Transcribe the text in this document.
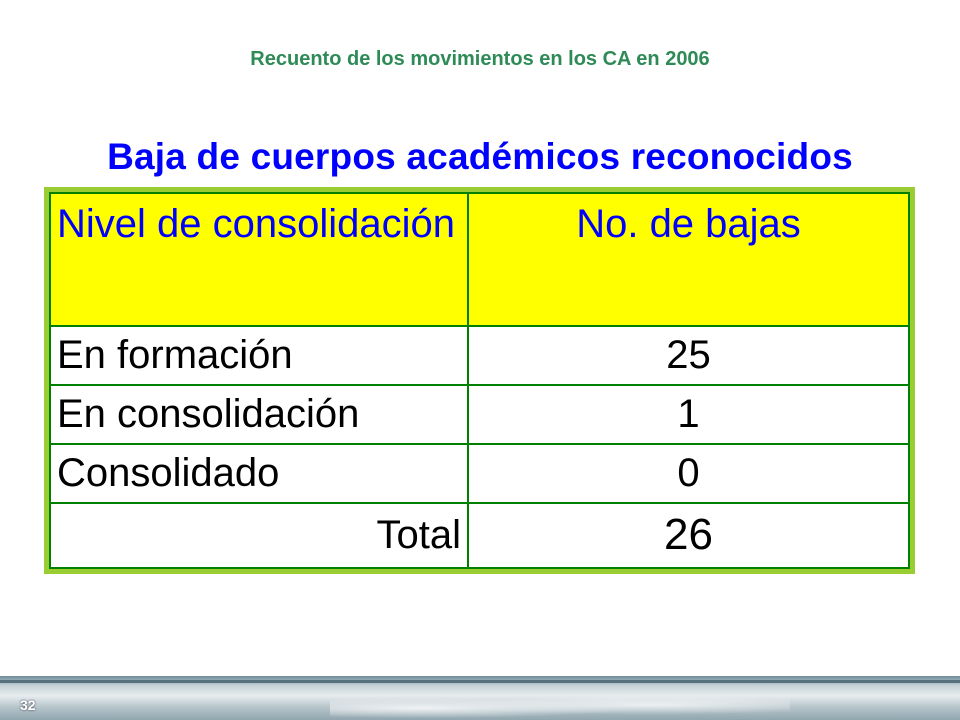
Recuento de los movimientos en los CA en 2006
Baja de cuerpos académicos reconocidos
Nivel de consolidación	No. de bajas
En formación	25
En consolidación	1
Consolidado	0
Total	26
32
